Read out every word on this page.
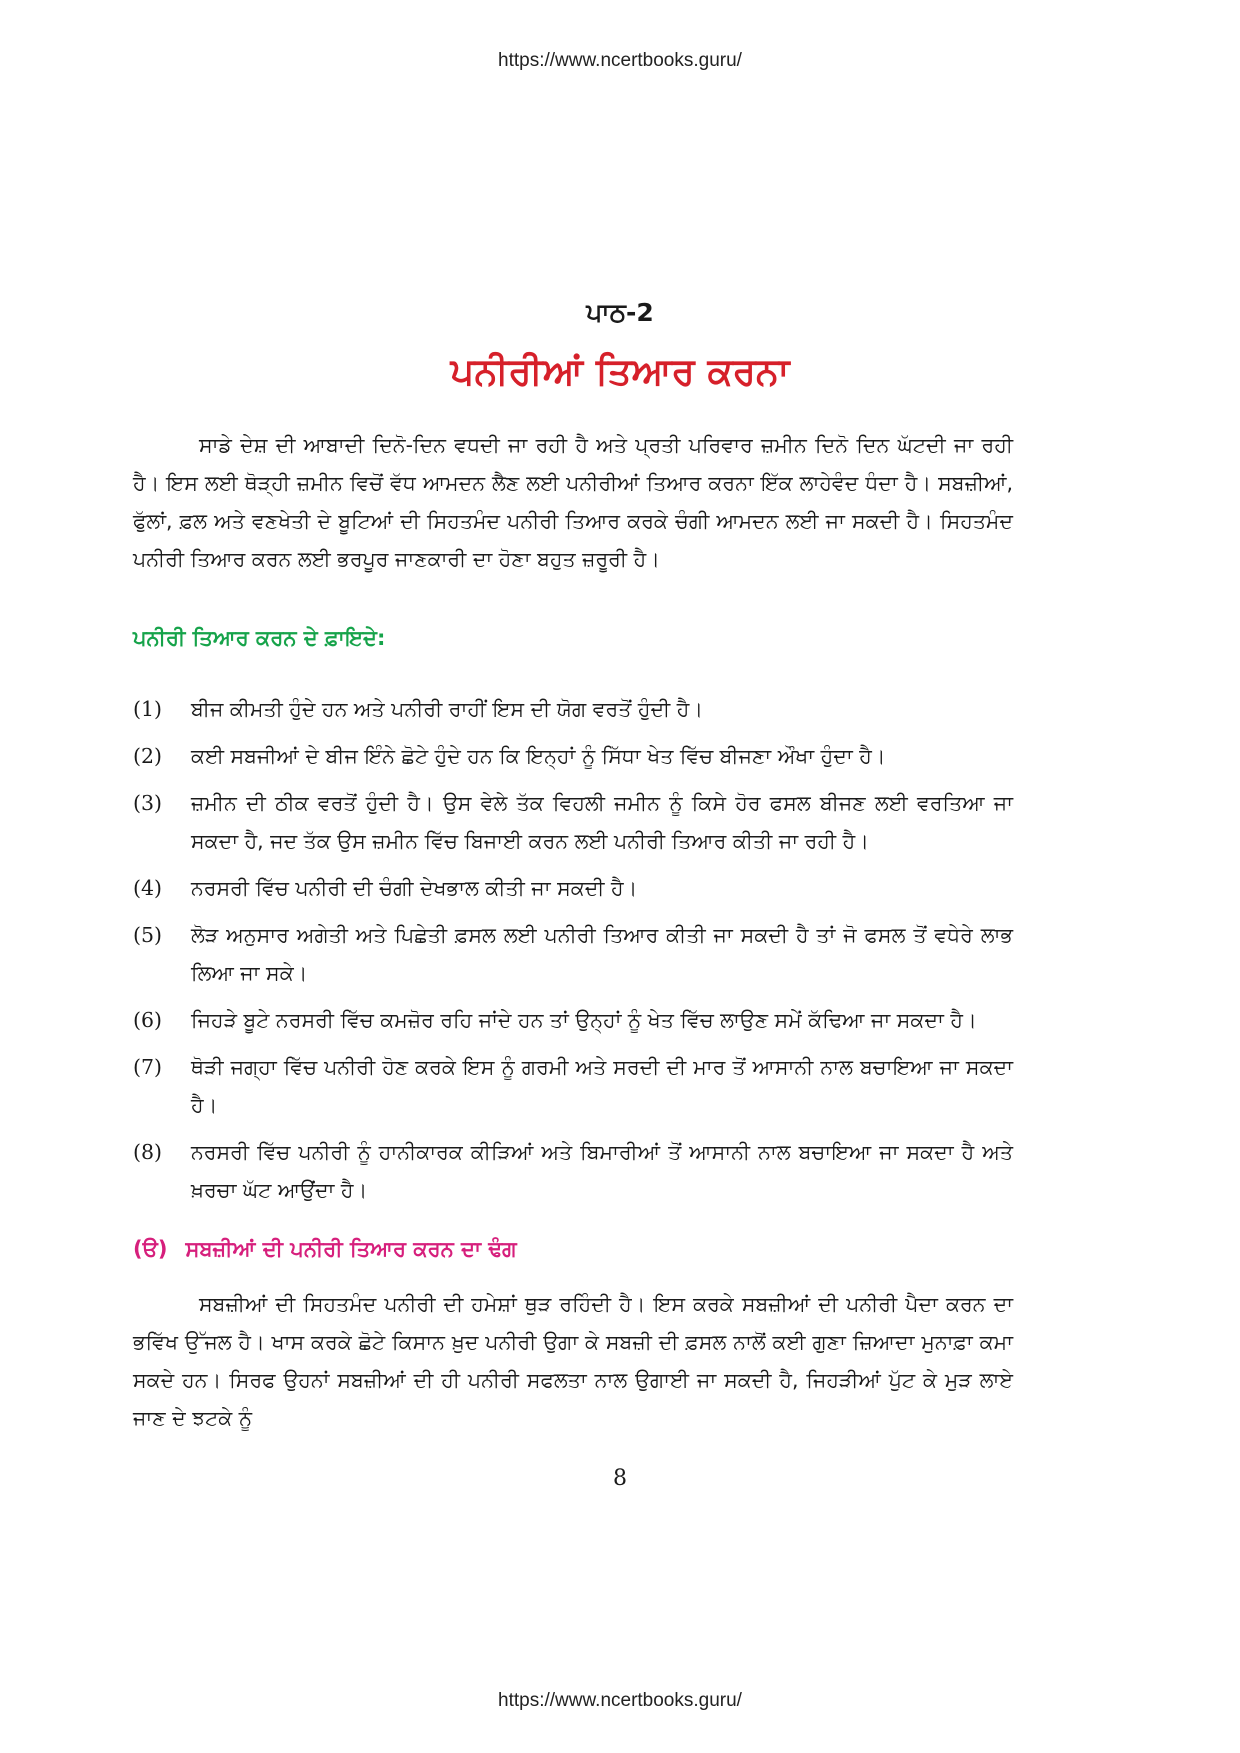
https://www.ncertbooks.guru/
ਪਾਠ-2
ਪਨੀਰੀਆਂ ਤਿਆਰ ਕਰਨਾ
ਸਾਡੇ ਦੇਸ਼ ਦੀ ਆਬਾਦੀ ਦਿਨੋ-ਦਿਨ ਵਧਦੀ ਜਾ ਰਹੀ ਹੈ ਅਤੇ ਪ੍ਰਤੀ ਪਰਿਵਾਰ ਜ਼ਮੀਨ ਦਿਨੋ ਦਿਨ ਘੱਟਦੀ ਜਾ ਰਹੀ ਹੈ। ਇਸ ਲਈ ਥੋੜ੍ਹੀ ਜ਼ਮੀਨ ਵਿਚੋਂ ਵੱਧ ਆਮਦਨ ਲੈਣ ਲਈ ਪਨੀਰੀਆਂ ਤਿਆਰ ਕਰਨਾ ਇੱਕ ਲਾਹੇਵੰਦ ਧੰਦਾ ਹੈ। ਸਬਜ਼ੀਆਂ, ਫੁੱਲਾਂ, ਫ਼ਲ ਅਤੇ ਵਣਖੇਤੀ ਦੇ ਬੂਟਿਆਂ ਦੀ ਸਿਹਤਮੰਦ ਪਨੀਰੀ ਤਿਆਰ ਕਰਕੇ ਚੰਗੀ ਆਮਦਨ ਲਈ ਜਾ ਸਕਦੀ ਹੈ। ਸਿਹਤਮੰਦ ਪਨੀਰੀ ਤਿਆਰ ਕਰਨ ਲਈ ਭਰਪੂਰ ਜਾਣਕਾਰੀ ਦਾ ਹੋਣਾ ਬਹੁਤ ਜ਼ਰੂਰੀ ਹੈ।
ਪਨੀਰੀ ਤਿਆਰ ਕਰਨ ਦੇ ਫ਼ਾਇਦੇ:
(1)	ਬੀਜ ਕੀਮਤੀ ਹੁੰਦੇ ਹਨ ਅਤੇ ਪਨੀਰੀ ਰਾਹੀਂ ਇਸ ਦੀ ਯੋਗ ਵਰਤੋਂ ਹੁੰਦੀ ਹੈ।
(2)	ਕਈ ਸਬਜੀਆਂ ਦੇ ਬੀਜ ਇੰਨੇ ਛੋਟੇ ਹੁੰਦੇ ਹਨ ਕਿ ਇਨ੍ਹਾਂ ਨੂੰ ਸਿੱਧਾ ਖੇਤ ਵਿੱਚ ਬੀਜਣਾ ਔਖਾ ਹੁੰਦਾ ਹੈ।
(3)	ਜ਼ਮੀਨ ਦੀ ਠੀਕ ਵਰਤੋਂ ਹੁੰਦੀ ਹੈ। ਉਸ ਵੇਲੇ ਤੱਕ ਵਿਹਲੀ ਜਮੀਨ ਨੂੰ ਕਿਸੇ ਹੋਰ ਫਸਲ ਬੀਜਣ ਲਈ ਵਰਤਿਆ ਜਾ ਸਕਦਾ ਹੈ, ਜਦ ਤੱਕ ਉਸ ਜ਼ਮੀਨ ਵਿੱਚ ਬਿਜਾਈ ਕਰਨ ਲਈ ਪਨੀਰੀ ਤਿਆਰ ਕੀਤੀ ਜਾ ਰਹੀ ਹੈ।
(4)	ਨਰਸਰੀ ਵਿੱਚ ਪਨੀਰੀ ਦੀ ਚੰਗੀ ਦੇਖਭਾਲ ਕੀਤੀ ਜਾ ਸਕਦੀ ਹੈ।
(5)	ਲੋੜ ਅਨੁਸਾਰ ਅਗੇਤੀ ਅਤੇ ਪਿਛੇਤੀ ਫ਼ਸਲ ਲਈ ਪਨੀਰੀ ਤਿਆਰ ਕੀਤੀ ਜਾ ਸਕਦੀ ਹੈ ਤਾਂ ਜੋ ਫਸਲ ਤੋਂ ਵਧੇਰੇ ਲਾਭ ਲਿਆ ਜਾ ਸਕੇ।
(6)	ਜਿਹੜੇ ਬੂਟੇ ਨਰਸਰੀ ਵਿੱਚ ਕਮਜ਼ੋਰ ਰਹਿ ਜਾਂਦੇ ਹਨ ਤਾਂ ਉਨ੍ਹਾਂ ਨੂੰ ਖੇਤ ਵਿੱਚ ਲਾਉਣ ਸਮੇਂ ਕੱਢਿਆ ਜਾ ਸਕਦਾ ਹੈ।
(7)	ਥੋੜੀ ਜਗ੍ਹਾ ਵਿੱਚ ਪਨੀਰੀ ਹੋਣ ਕਰਕੇ ਇਸ ਨੂੰ ਗਰਮੀ ਅਤੇ ਸਰਦੀ ਦੀ ਮਾਰ ਤੋਂ ਆਸਾਨੀ ਨਾਲ ਬਚਾਇਆ ਜਾ ਸਕਦਾ ਹੈ।
(8)	ਨਰਸਰੀ ਵਿੱਚ ਪਨੀਰੀ ਨੂੰ ਹਾਨੀਕਾਰਕ ਕੀੜਿਆਂ ਅਤੇ ਬਿਮਾਰੀਆਂ ਤੋਂ ਆਸਾਨੀ ਨਾਲ ਬਚਾਇਆ ਜਾ ਸਕਦਾ ਹੈ ਅਤੇ ਖ਼ਰਚਾ ਘੱਟ ਆਉਂਦਾ ਹੈ।
(ੳ) ਸਬਜ਼ੀਆਂ ਦੀ ਪਨੀਰੀ ਤਿਆਰ ਕਰਨ ਦਾ ਢੰਗ
ਸਬਜ਼ੀਆਂ ਦੀ ਸਿਹਤਮੰਦ ਪਨੀਰੀ ਦੀ ਹਮੇਸ਼ਾਂ ਥੁੜ ਰਹਿੰਦੀ ਹੈ। ਇਸ ਕਰਕੇ ਸਬਜ਼ੀਆਂ ਦੀ ਪਨੀਰੀ ਪੈਦਾ ਕਰਨ ਦਾ ਭਵਿੱਖ ਉੱਜਲ ਹੈ। ਖਾਸ ਕਰਕੇ ਛੋਟੇ ਕਿਸਾਨ ਖ਼ੁਦ ਪਨੀਰੀ ਉਗਾ ਕੇ ਸਬਜ਼ੀ ਦੀ ਫ਼ਸਲ ਨਾਲੋਂ ਕਈ ਗੁਣਾ ਜ਼ਿਆਦਾ ਮੁਨਾਫ਼ਾ ਕਮਾ ਸਕਦੇ ਹਨ। ਸਿਰਫ ਉਹਨਾਂ ਸਬਜ਼ੀਆਂ ਦੀ ਹੀ ਪਨੀਰੀ ਸਫਲਤਾ ਨਾਲ ਉਗਾਈ ਜਾ ਸਕਦੀ ਹੈ, ਜਿਹੜੀਆਂ ਪੁੱਟ ਕੇ ਮੁੜ ਲਾਏ ਜਾਣ ਦੇ ਝਟਕੇ ਨੂੰ
8
https://www.ncertbooks.guru/
